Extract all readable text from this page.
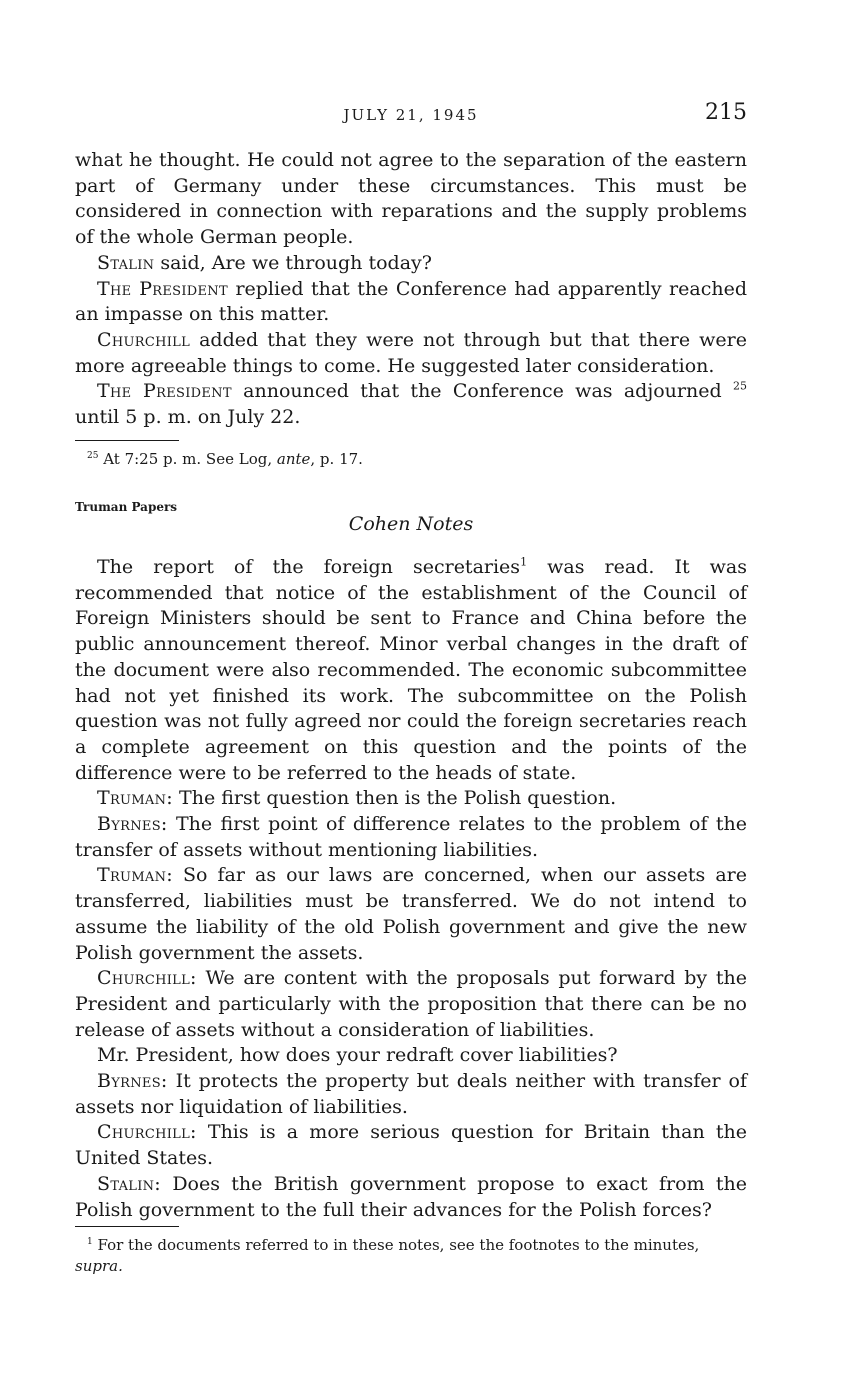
JULY 21, 1945	215

what he thought. He could not agree to the separation of the eastern part of Germany under these circumstances. This must be considered in connection with reparations and the supply problems of the whole German people.

Stalin said, Are we through today?

The President replied that the Conference had apparently reached an impasse on this matter.

Churchill added that they were not through but that there were more agreeable things to come. He suggested later consideration.

The President announced that the Conference was adjourned $^{25}$ until 5 p. m. on July 22.

$^{25}$ At 7:25 p. m. See Log, ante, p. 17.

Truman Papers
Cohen Notes

The report of the foreign secretaries$^1$ was read. It was recommended that notice of the establishment of the Council of Foreign Ministers should be sent to France and China before the public announcement thereof. Minor verbal changes in the draft of the document were also recommended. The economic subcommittee had not yet finished its work. The subcommittee on the Polish question was not fully agreed nor could the foreign secretaries reach a complete agreement on this question and the points of the difference were to be referred to the heads of state.

Truman: The first question then is the Polish question.

Byrnes: The first point of difference relates to the problem of the transfer of assets without mentioning liabilities.

Truman: So far as our laws are concerned, when our assets are transferred, liabilities must be transferred. We do not intend to assume the liability of the old Polish government and give the new Polish government the assets.

Churchill: We are content with the proposals put forward by the President and particularly with the proposition that there can be no release of assets without a consideration of liabilities.

Mr. President, how does your redraft cover liabilities?

Byrnes: It protects the property but deals neither with transfer of assets nor liquidation of liabilities.

Churchill: This is a more serious question for Britain than the United States.

Stalin: Does the British government propose to exact from the Polish government to the full their advances for the Polish forces?

$^1$ For the documents referred to in these notes, see the footnotes to the minutes, supra.
